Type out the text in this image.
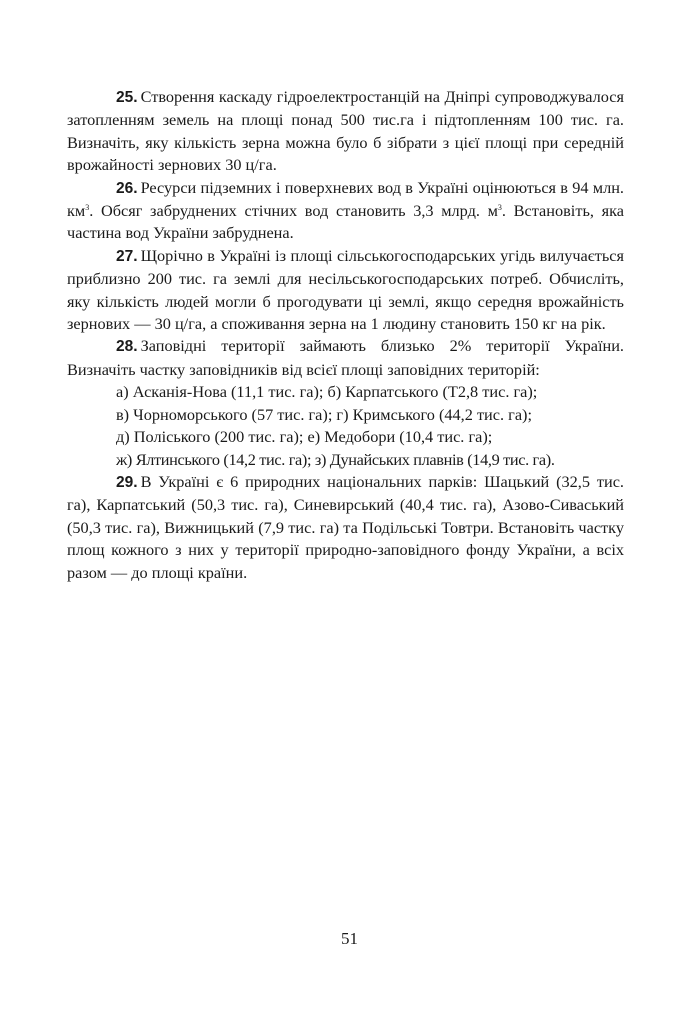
25. Створення каскаду гідроелектростанцій на Дніпрі супроводжувалося затопленням земель на площі понад 500 тис.га і підтопленням 100 тис. га. Визначіть, яку кількість зерна можна було б зібрати з цієї площі при середній врожайності зернових 30 ц/га.

26. Ресурси підземних і поверхневих вод в Україні оцінюються в 94 млн. $км^3$. Обсяг забруднених стічних вод становить 3,3 млрд. $м^3$. Встановіть, яка частина вод України забруднена.

27. Щорічно в Україні із площі сільськогосподарських угідь вилучається приблизно 200 тис. га землі для несільськогосподарських потреб. Обчисліть, яку кількість людей могли б прогодувати ці землі, якщо середня врожайність зернових — 30 ц/га, а споживання зерна на 1 людину становить 150 кг на рік.

28. Заповідні території займають близько 2% території України. Визначіть частку заповідників від всієї площі заповідних територій:

а) Асканія-Нова (11,1 тис. га); б) Карпатського (Т2,8 тис. га);

в) Чорноморського (57 тис. га); г) Кримського (44,2 тис. га);

д) Поліського (200 тис. га); е) Медобори (10,4 тис. га);

ж) Ялтинського (14,2 тис. га); з) Дунайських плавнів (14,9 тис. га).

29. В Україні є 6 природних національних парків: Шацький (32,5 тис. га), Карпатський (50,3 тис. га), Синевирський (40,4 тис. га), Азово-Сиваський (50,3 тис. га), Вижницький (7,9 тис. га) та Подільські Товтри. Встановіть частку площ кожного з них у території природно-заповідного фонду України, а всіх разом — до площі країни.

51
